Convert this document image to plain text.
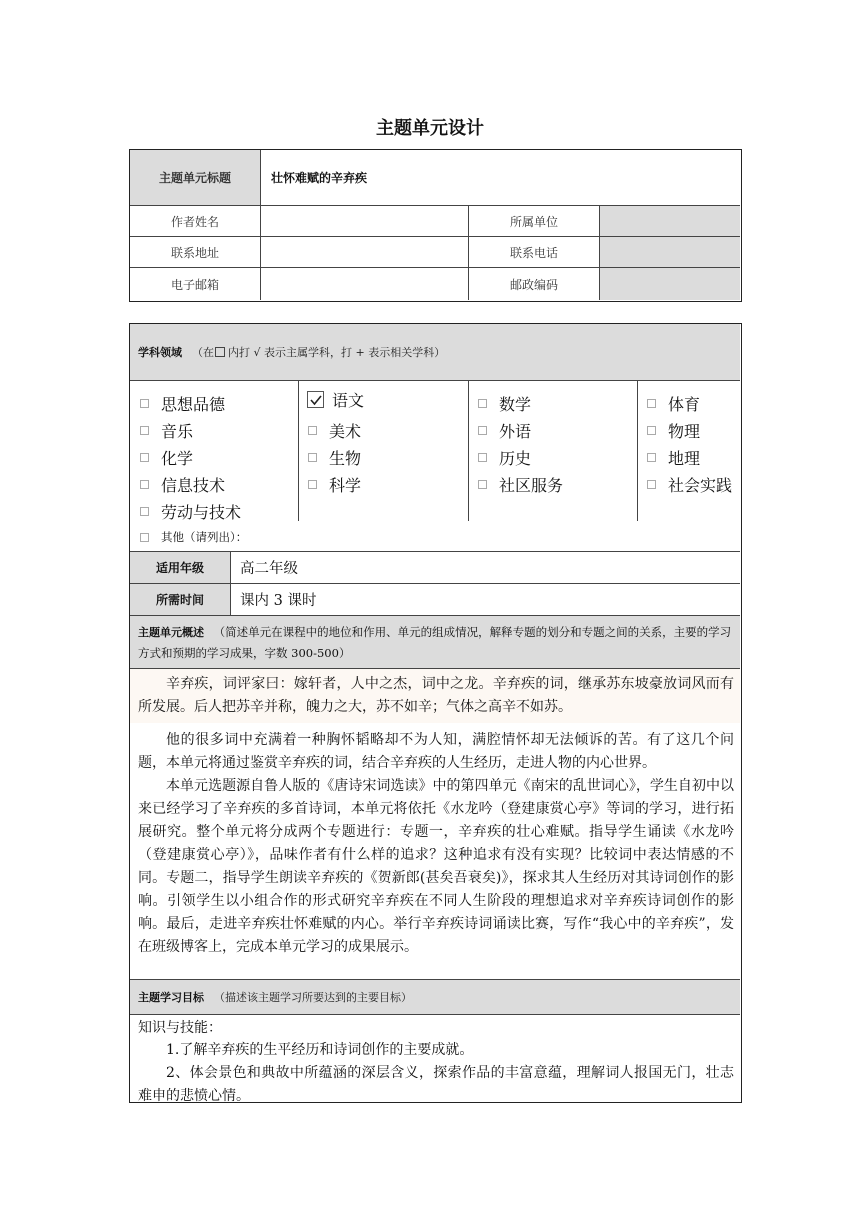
主题单元设计
主题单元标题	壮怀难赋的辛弃疾
作者姓名	所属单位
联系地址	联系电话
电子邮箱	邮政编码
学科领域 （在 内打 √ 表示主属学科，打 + 表示相关学科）
思想品德
音乐
化学
信息技术
劳动与技术
语文
美术
生物
科学
数学
外语
历史
社区服务
体育
物理
地理
社会实践
其他（请列出）：
适用年级	高二年级
所需时间	课内 3 课时
主题单元概述 （简述单元在课程中的地位和作用、单元的组成情况，解释专题的划分和专题之间的关系，主要的学习方式和预期的学习成果，字数 300-500）

辛弃疾，词评家曰：嫁轩者，人中之杰，词中之龙。辛弃疾的词，继承苏东坡豪放词风而有所发展。后人把苏辛并称，魄力之大，苏不如辛；气体之高辛不如苏。

他的很多词中充满着一种胸怀韬略却不为人知，满腔情怀却无法倾诉的苦。有了这几个问题，本单元将通过鉴赏辛弃疾的词，结合辛弃疾的人生经历，走进人物的内心世界。

本单元选题源自鲁人版的《唐诗宋词选读》中的第四单元《南宋的乱世词心》，学生自初中以来已经学习了辛弃疾的多首诗词，本单元将依托《水龙吟（登建康赏心亭》等词的学习，进行拓展研究。整个单元将分成两个专题进行：专题一，辛弃疾的壮心难赋。指导学生诵读《水龙吟（登建康赏心亭）》，品味作者有什么样的追求？这种追求有没有实现？比较词中表达情感的不同。专题二，指导学生朗读辛弃疾的《贺新郎(甚矣吾衰矣)》，探求其人生经历对其诗词创作的影响。引领学生以小组合作的形式研究辛弃疾在不同人生阶段的理想追求对辛弃疾诗词创作的影响。最后，走进辛弃疾壮怀难赋的内心。举行辛弃疾诗词诵读比赛，写作“我心中的辛弃疾”，发在班级博客上，完成本单元学习的成果展示。

主题学习目标 （描述该主题学习所要达到的主要目标）
知识与技能：

1.了解辛弃疾的生平经历和诗词创作的主要成就。

2、体会景色和典故中所蕴涵的深层含义，探索作品的丰富意蕴，理解词人报国无门，壮志难申的悲愤心情。
